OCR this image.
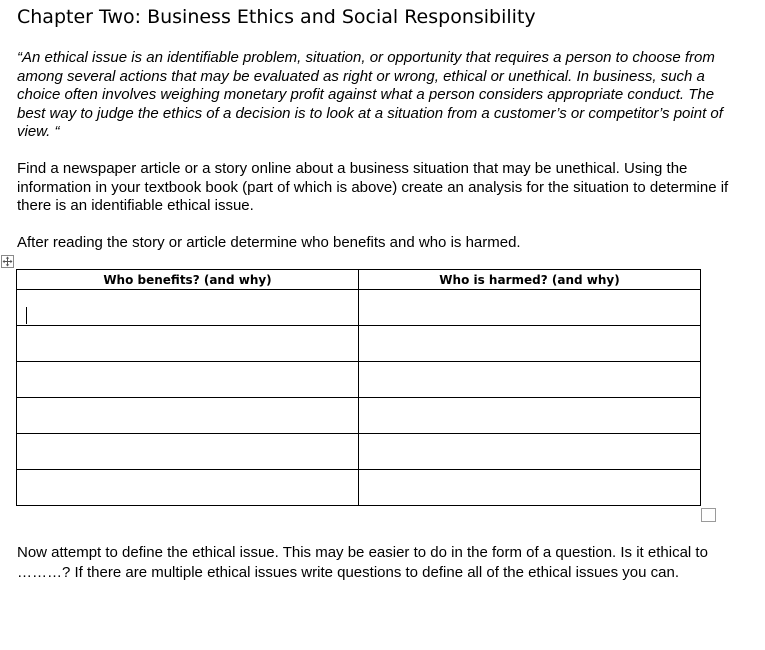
Chapter Two: Business Ethics and Social Responsibility

“An ethical issue is an identifiable problem, situation, or opportunity that requires a person to choose from among several actions that may be evaluated as right or wrong, ethical or unethical. In business, such a choice often involves weighing monetary profit against what a person considers appropriate conduct. The best way to judge the ethics of a decision is to look at a situation from a customer’s or competitor’s point of view. “

Find a newspaper article or a story online about a business situation that may be unethical. Using the information in your textbook book (part of which is above) create an analysis for the situation to determine if there is an identifiable ethical issue.

After reading the story or article determine who benefits and who is harmed.

Who benefits? (and why)	Who is harmed? (and why)

Now attempt to define the ethical issue. This may be easier to do in the form of a question. Is it ethical to ………? If there are multiple ethical issues write questions to define all of the ethical issues you can.
